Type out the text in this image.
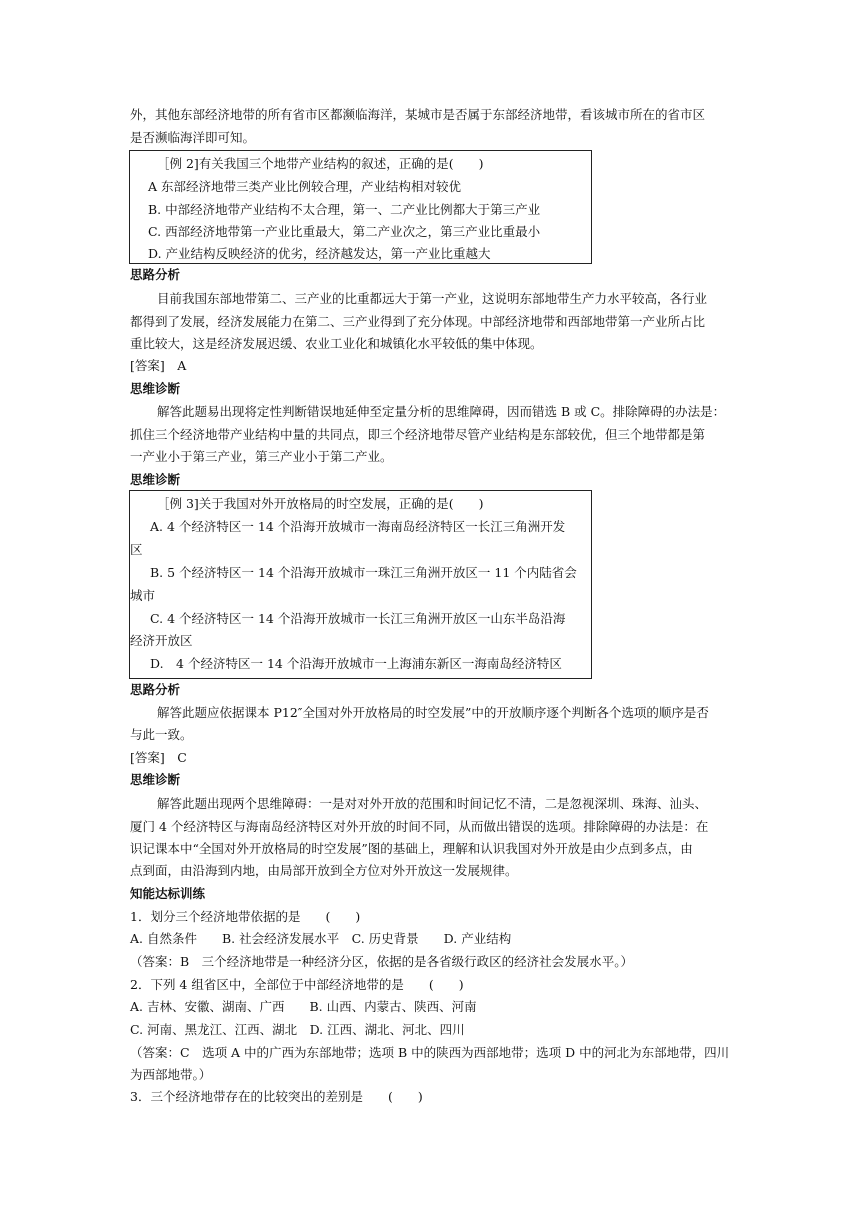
外，其他东部经济地带的所有省市区都濒临海洋，某城市是否属于东部经济地带，看该城市所在的省市区
是否濒临海洋即可知。
［例 2]有关我国三个地带产业结构的叙述，正确的是(　　)
A 东部经济地带三类产业比例较合理，产业结构相对较优
B. 中部经济地带产业结构不太合理，第一、二产业比例都大于第三产业
C. 西部经济地带第一产业比重最大，第二产业次之，第三产业比重最小
D. 产业结构反映经济的优劣，经济越发达，第一产业比重越大
思路分析
目前我国东部地带第二、三产业的比重都远大于第一产业，这说明东部地带生产力水平较高，各行业
都得到了发展，经济发展能力在第二、三产业得到了充分体现。中部经济地带和西部地带第一产业所占比
重比较大，这是经济发展迟缓、农业工业化和城镇化水平较低的集中体现。
[答案]　A
思维诊断
解答此题易出现将定性判断错误地延伸至定量分析的思维障碍，因而错选 B 或 C。排除障碍的办法是：
抓住三个经济地带产业结构中量的共同点，即三个经济地带尽管产业结构是东部较优，但三个地带都是第
一产业小于第三产业，第三产业小于第二产业。
思维诊断
［例 3]关于我国对外开放格局的时空发展，正确的是(　　)
A. 4 个经济特区一 14 个沿海开放城市一海南岛经济特区一长江三角洲开发
区
B. 5 个经济特区一 14 个沿海开放城市一珠江三角洲开放区一 11 个内陆省会
城市
C. 4 个经济特区一 14 个沿海开放城市一长江三角洲开放区一山东半岛沿海
经济开放区
D.　4 个经济特区一 14 个沿海开放城市一上海浦东新区一海南岛经济特区
思路分析
解答此题应依据课本 P12″全国对外开放格局的时空发展”中的开放顺序逐个判断各个选项的顺序是否
与此一致。
[答案]　C
思维诊断
解答此题出现两个思维障碍：一是对对外开放的范围和时间记忆不清，二是忽视深圳、珠海、汕头、
厦门 4 个经济特区与海南岛经济特区对外开放的时间不同，从而做出错误的选项。排除障碍的办法是：在
识记课本中“全国对外开放格局的时空发展”图的基础上，理解和认识我国对外开放是由少点到多点，由
点到面，由沿海到内地，由局部开放到全方位对外开放这一发展规律。
知能达标训练
1．划分三个经济地带依据的是　　(　　)
A. 自然条件　　B. 社会经济发展水平　C. 历史背景　　D. 产业结构
（答案：B　三个经济地带是一种经济分区，依据的是各省级行政区的经济社会发展水平。）
2．下列 4 组省区中，全部位于中部经济地带的是　　(　　)
A. 吉林、安徽、湖南、广西　　B. 山西、内蒙古、陕西、河南
C. 河南、黑龙江、江西、湖北　D. 江西、湖北、河北、四川
（答案：C　选项 A 中的广西为东部地带；选项 B 中的陕西为西部地带；选项 D 中的河北为东部地带，四川
为西部地带。）
3．三个经济地带存在的比较突出的差别是　　(　　)
